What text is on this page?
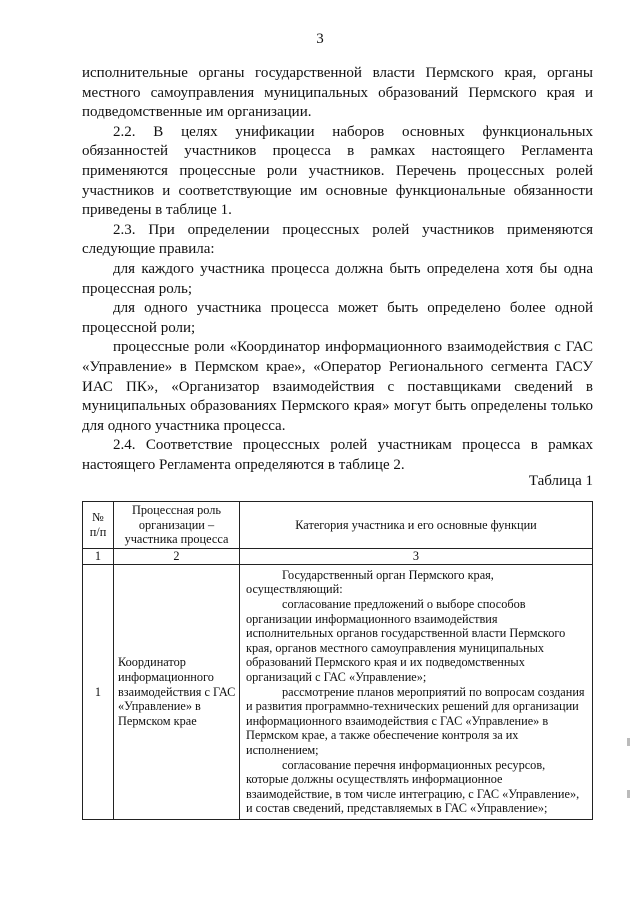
3

исполнительные органы государственной власти Пермского края, органы местного самоуправления муниципальных образований Пермского края и подведомственные им организации.

2.2. В целях унификации наборов основных функциональных обязанностей участников процесса в рамках настоящего Регламента применяются процессные роли участников. Перечень процессных ролей участников и соответствующие им основные функциональные обязанности приведены в таблице 1.

2.3. При определении процессных ролей участников применяются следующие правила:

для каждого участника процесса должна быть определена хотя бы одна процессная роль;

для одного участника процесса может быть определено более одной процессной роли;

процессные роли «Координатор информационного взаимодействия с ГАС «Управление» в Пермском крае», «Оператор Регионального сегмента ГАСУ ИАС ПК», «Организатор взаимодействия с поставщиками сведений в муниципальных образованиях Пермского края» могут быть определены только для одного участника процесса.

2.4. Соответствие процессных ролей участникам процесса в рамках настоящего Регламента определяются в таблице 2.

Таблица 1
№ п/п	Процессная роль организации – участника процесса	Категория участника и его основные функции
1	2	3
1	Координатор информационного взаимодействия с ГАС «Управление» в Пермском крае	Государственный орган Пермского края, осуществляющий:

согласование предложений о выборе способов организации информационного взаимодействия исполнительных органов государственной власти Пермского края, органов местного самоуправления муниципальных образований Пермского края и их подведомственных организаций с ГАС «Управление»;

рассмотрение планов мероприятий по вопросам создания и развития программно-технических решений для организации информационного взаимодействия с ГАС «Управление» в Пермском крае, а также обеспечение контроля за их исполнением;

согласование перечня информационных ресурсов, которые должны осуществлять информационное взаимодействие, в том числе интеграцию, с ГАС «Управление», и состав сведений, представляемых в ГАС «Управление»;
